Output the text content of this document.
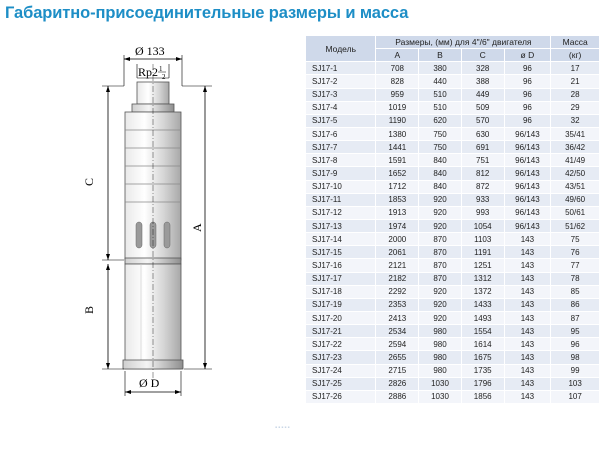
Габаритно-присоединительные размеры и масса
Ø 133
Rp2 1
2
C
B
A
Ø D
Модель	Размеры, (мм) для 4"/6" двигателя				Масса
	A	B	C	ø D	(кг)
SJ17-1	708	380	328	96	17
SJ17-2	828	440	388	96	21
SJ17-3	959	510	449	96	28
SJ17-4	1019	510	509	96	29
SJ17-5	1190	620	570	96	32
SJ17-6	1380	750	630	96/143	35/41
SJ17-7	1441	750	691	96/143	36/42
SJ17-8	1591	840	751	96/143	41/49
SJ17-9	1652	840	812	96/143	42/50
SJ17-10	1712	840	872	96/143	43/51
SJ17-11	1853	920	933	96/143	49/60
SJ17-12	1913	920	993	96/143	50/61
SJ17-13	1974	920	1054	96/143	51/62
SJ17-14	2000	870	1103	143	75
SJ17-15	2061	870	1191	143	76
SJ17-16	2121	870	1251	143	77
SJ17-17	2182	870	1312	143	78
SJ17-18	2292	920	1372	143	85
SJ17-19	2353	920	1433	143	86
SJ17-20	2413	920	1493	143	87
SJ17-21	2534	980	1554	143	95
SJ17-22	2594	980	1614	143	96
SJ17-23	2655	980	1675	143	98
SJ17-24	2715	980	1735	143	99
SJ17-25	2826	1030	1796	143	103
SJ17-26	2886	1030	1856	143	107
▪▪▪▪▪
